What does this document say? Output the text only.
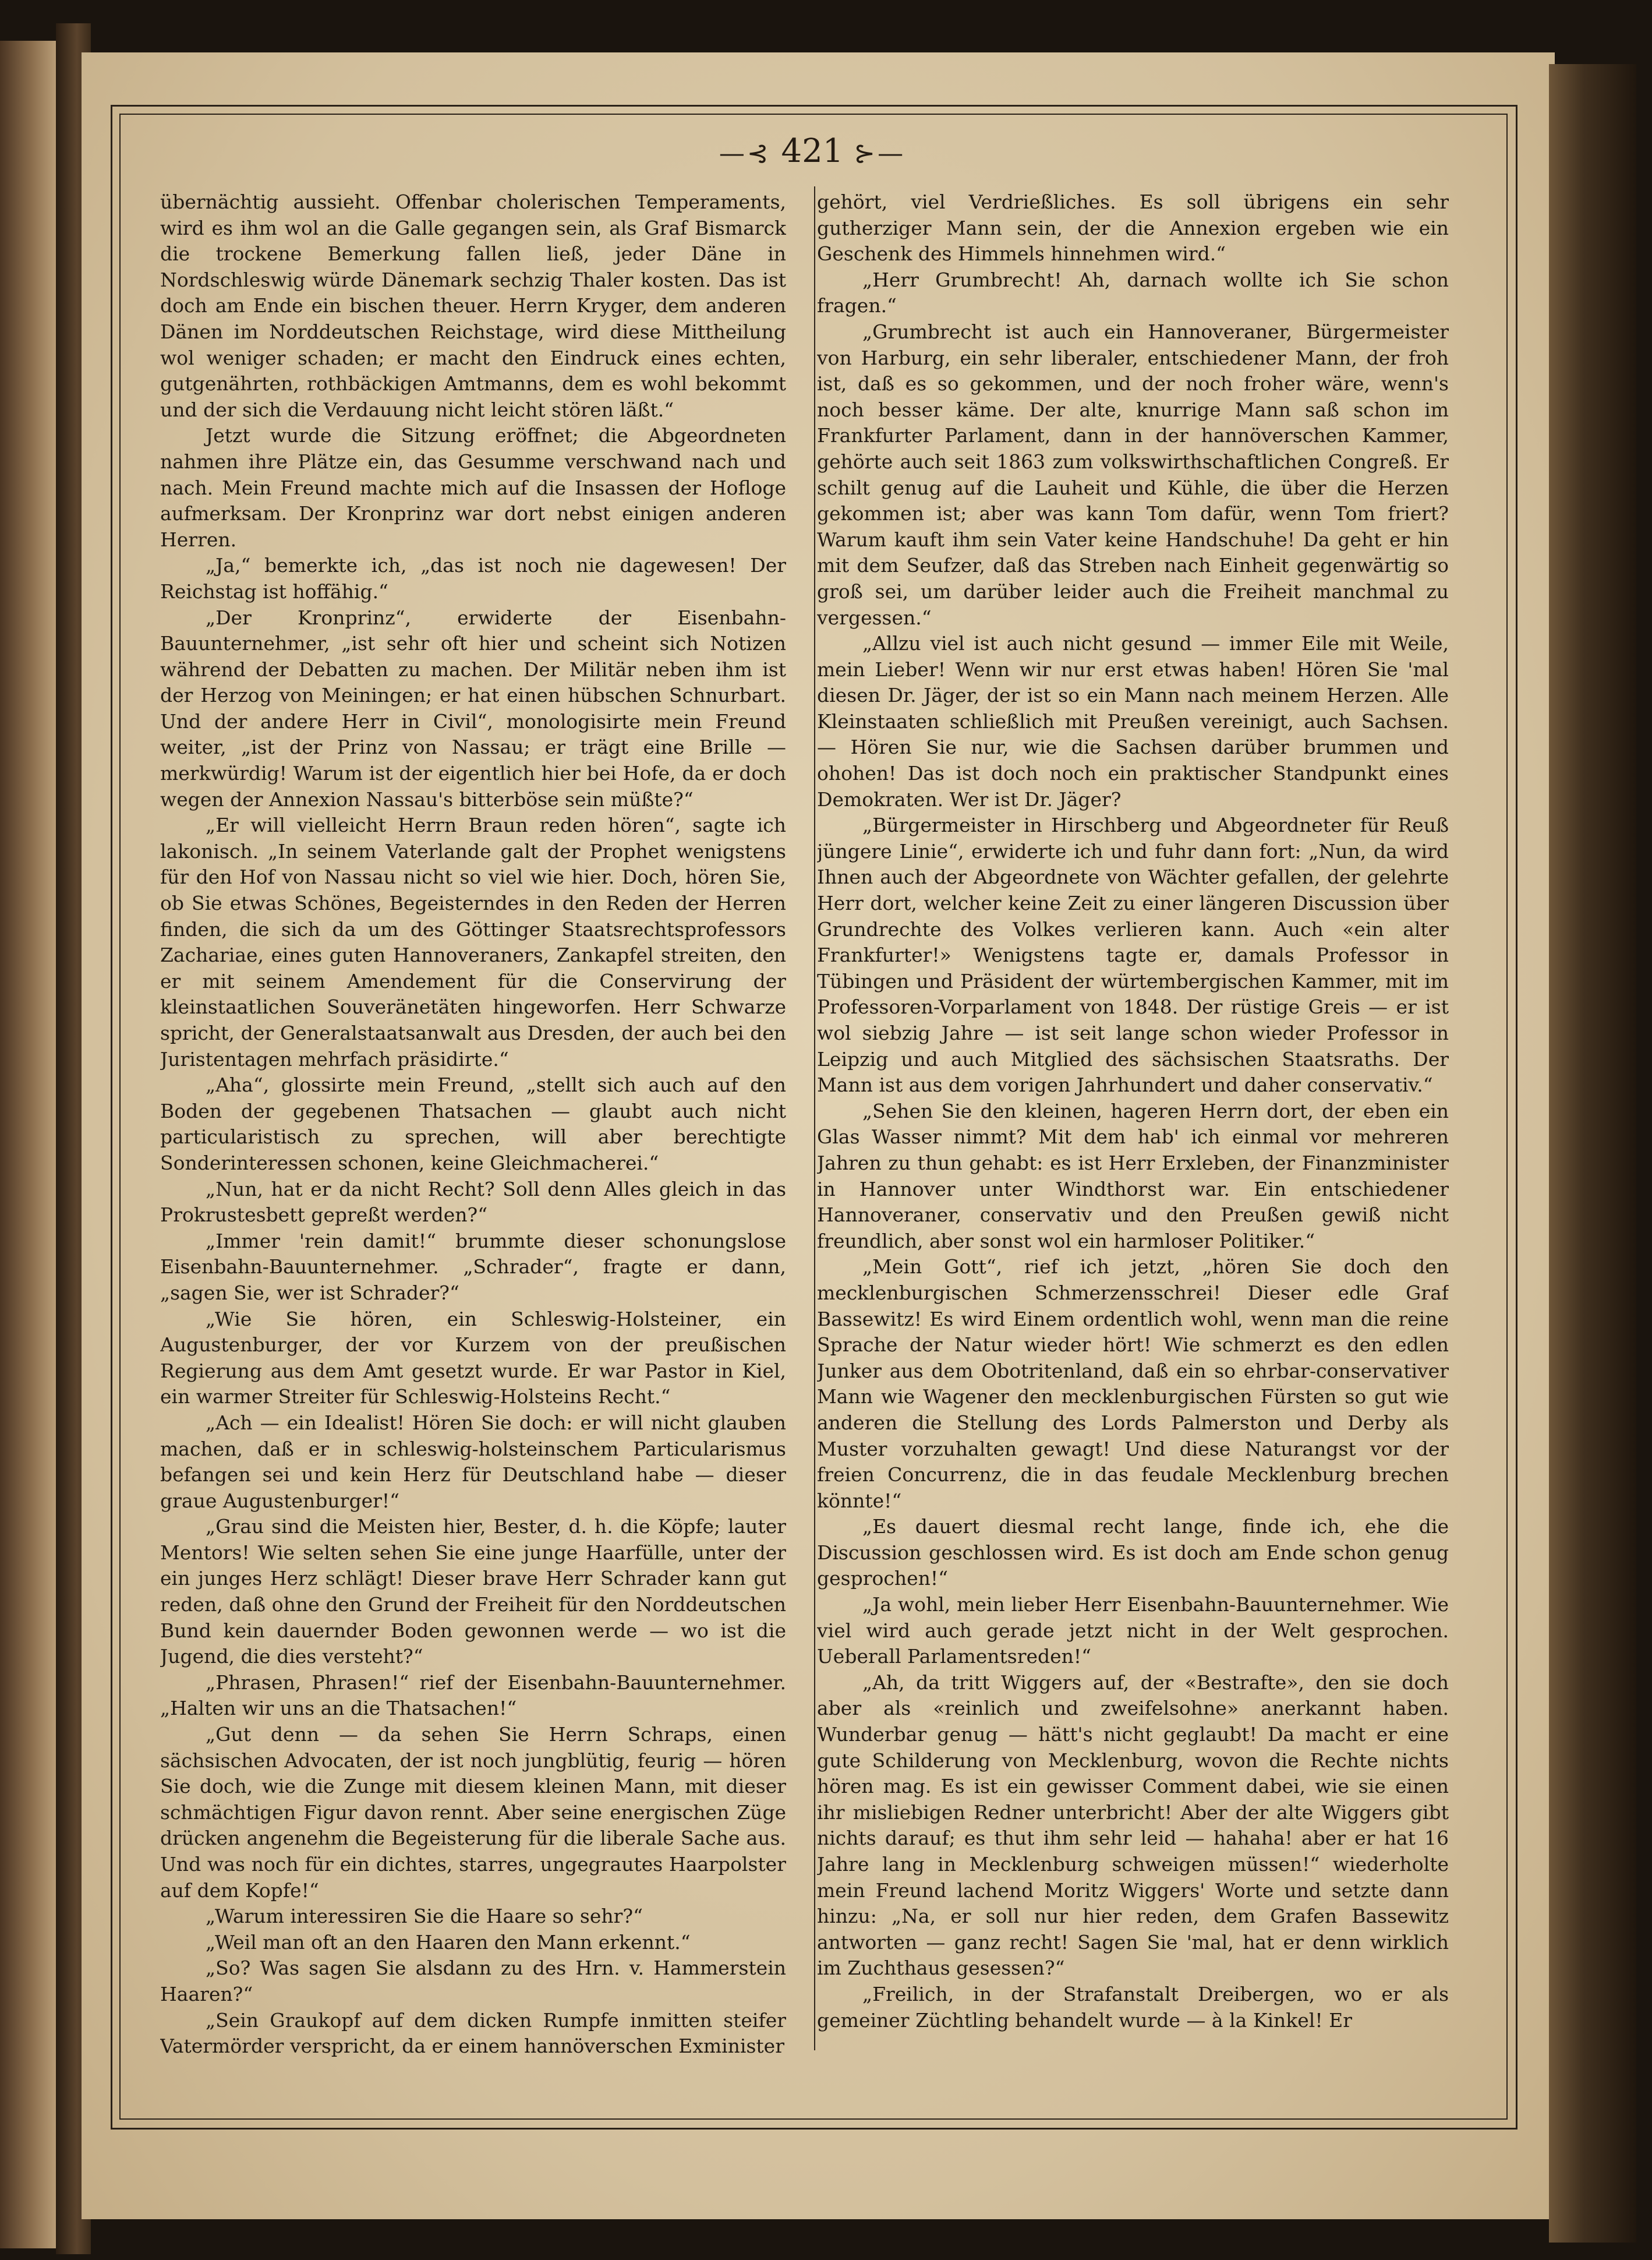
—⊰ 421 ⊱—

übernächtig aussieht. Offenbar cholerischen Temperaments, wird es ihm wol an die Galle gegangen sein, als Graf Bismarck die trockene Bemerkung fallen ließ, jeder Däne in Nordschleswig würde Dänemark sechzig Thaler kosten. Das ist doch am Ende ein bischen theuer. Herrn Kryger, dem anderen Dänen im Norddeutschen Reichstage, wird diese Mittheilung wol weniger schaden; er macht den Eindruck eines echten, gutgenährten, rothbäckigen Amtmanns, dem es wohl bekommt und der sich die Verdauung nicht leicht stören läßt.“

Jetzt wurde die Sitzung eröffnet; die Abgeordneten nahmen ihre Plätze ein, das Gesumme verschwand nach und nach. Mein Freund machte mich auf die Insassen der Hofloge aufmerksam. Der Kronprinz war dort nebst einigen anderen Herren.

„Ja,“ bemerkte ich, „das ist noch nie dagewesen! Der Reichstag ist hoffähig.“

„Der Kronprinz“, erwiderte der Eisenbahn-Bauunternehmer, „ist sehr oft hier und scheint sich Notizen während der Debatten zu machen. Der Militär neben ihm ist der Herzog von Meiningen; er hat einen hübschen Schnurbart. Und der andere Herr in Civil“, monologisirte mein Freund weiter, „ist der Prinz von Nassau; er trägt eine Brille — merkwürdig! Warum ist der eigentlich hier bei Hofe, da er doch wegen der Annexion Nassau's bitterböse sein müßte?“

„Er will vielleicht Herrn Braun reden hören“, sagte ich lakonisch. „In seinem Vaterlande galt der Prophet wenigstens für den Hof von Nassau nicht so viel wie hier. Doch, hören Sie, ob Sie etwas Schönes, Begeisterndes in den Reden der Herren finden, die sich da um des Göttinger Staatsrechtsprofessors Zachariae, eines guten Hannoveraners, Zankapfel streiten, den er mit seinem Amendement für die Conservirung der kleinstaatlichen Souveränetäten hingeworfen. Herr Schwarze spricht, der Generalstaatsanwalt aus Dresden, der auch bei den Juristentagen mehrfach präsidirte.“

„Aha“, glossirte mein Freund, „stellt sich auch auf den Boden der gegebenen Thatsachen — glaubt auch nicht particularistisch zu sprechen, will aber berechtigte Sonderinteressen schonen, keine Gleichmacherei.“

„Nun, hat er da nicht Recht? Soll denn Alles gleich in das Prokrustesbett gepreßt werden?“

„Immer 'rein damit!“ brummte dieser schonungslose Eisenbahn-Bauunternehmer. „Schrader“, fragte er dann, „sagen Sie, wer ist Schrader?“

„Wie Sie hören, ein Schleswig-Holsteiner, ein Augustenburger, der vor Kurzem von der preußischen Regierung aus dem Amt gesetzt wurde. Er war Pastor in Kiel, ein warmer Streiter für Schleswig-Holsteins Recht.“

„Ach — ein Idealist! Hören Sie doch: er will nicht glauben machen, daß er in schleswig-holsteinschem Particularismus befangen sei und kein Herz für Deutschland habe — dieser graue Augustenburger!“

„Grau sind die Meisten hier, Bester, d. h. die Köpfe; lauter Mentors! Wie selten sehen Sie eine junge Haarfülle, unter der ein junges Herz schlägt! Dieser brave Herr Schrader kann gut reden, daß ohne den Grund der Freiheit für den Norddeutschen Bund kein dauernder Boden gewonnen werde — wo ist die Jugend, die dies versteht?“

„Phrasen, Phrasen!“ rief der Eisenbahn-Bauunternehmer. „Halten wir uns an die Thatsachen!“

„Gut denn — da sehen Sie Herrn Schraps, einen sächsischen Advocaten, der ist noch jungblütig, feurig — hören Sie doch, wie die Zunge mit diesem kleinen Mann, mit dieser schmächtigen Figur davon rennt. Aber seine energischen Züge drücken angenehm die Begeisterung für die liberale Sache aus. Und was noch für ein dichtes, starres, ungegrautes Haarpolster auf dem Kopfe!“

„Warum interessiren Sie die Haare so sehr?“

„Weil man oft an den Haaren den Mann erkennt.“

„So? Was sagen Sie alsdann zu des Hrn. v. Hammerstein Haaren?“

„Sein Graukopf auf dem dicken Rumpfe inmitten steifer Vatermörder verspricht, da er einem hannöverschen Exminister

gehört, viel Verdrießliches. Es soll übrigens ein sehr gutherziger Mann sein, der die Annexion ergeben wie ein Geschenk des Himmels hinnehmen wird.“

„Herr Grumbrecht! Ah, darnach wollte ich Sie schon fragen.“

„Grumbrecht ist auch ein Hannoveraner, Bürgermeister von Harburg, ein sehr liberaler, entschiedener Mann, der froh ist, daß es so gekommen, und der noch froher wäre, wenn's noch besser käme. Der alte, knurrige Mann saß schon im Frankfurter Parlament, dann in der hannöverschen Kammer, gehörte auch seit 1863 zum volkswirthschaftlichen Congreß. Er schilt genug auf die Lauheit und Kühle, die über die Herzen gekommen ist; aber was kann Tom dafür, wenn Tom friert? Warum kauft ihm sein Vater keine Handschuhe! Da geht er hin mit dem Seufzer, daß das Streben nach Einheit gegenwärtig so groß sei, um darüber leider auch die Freiheit manchmal zu vergessen.“

„Allzu viel ist auch nicht gesund — immer Eile mit Weile, mein Lieber! Wenn wir nur erst etwas haben! Hören Sie 'mal diesen Dr. Jäger, der ist so ein Mann nach meinem Herzen. Alle Kleinstaaten schließlich mit Preußen vereinigt, auch Sachsen. — Hören Sie nur, wie die Sachsen darüber brummen und ohohen! Das ist doch noch ein praktischer Standpunkt eines Demokraten. Wer ist Dr. Jäger?

„Bürgermeister in Hirschberg und Abgeordneter für Reuß jüngere Linie“, erwiderte ich und fuhr dann fort: „Nun, da wird Ihnen auch der Abgeordnete von Wächter gefallen, der gelehrte Herr dort, welcher keine Zeit zu einer längeren Discussion über Grundrechte des Volkes verlieren kann. Auch «ein alter Frankfurter!» Wenigstens tagte er, damals Professor in Tübingen und Präsident der würtembergischen Kammer, mit im Professoren-Vorparlament von 1848. Der rüstige Greis — er ist wol siebzig Jahre — ist seit lange schon wieder Professor in Leipzig und auch Mitglied des sächsischen Staatsraths. Der Mann ist aus dem vorigen Jahrhundert und daher conservativ.“

„Sehen Sie den kleinen, hageren Herrn dort, der eben ein Glas Wasser nimmt? Mit dem hab' ich einmal vor mehreren Jahren zu thun gehabt: es ist Herr Erxleben, der Finanzminister in Hannover unter Windthorst war. Ein entschiedener Hannoveraner, conservativ und den Preußen gewiß nicht freundlich, aber sonst wol ein harmloser Politiker.“

„Mein Gott“, rief ich jetzt, „hören Sie doch den mecklenburgischen Schmerzensschrei! Dieser edle Graf Bassewitz! Es wird Einem ordentlich wohl, wenn man die reine Sprache der Natur wieder hört! Wie schmerzt es den edlen Junker aus dem Obotritenland, daß ein so ehrbar-conservativer Mann wie Wagener den mecklenburgischen Fürsten so gut wie anderen die Stellung des Lords Palmerston und Derby als Muster vorzuhalten gewagt! Und diese Naturangst vor der freien Concurrenz, die in das feudale Mecklenburg brechen könnte!“

„Es dauert diesmal recht lange, finde ich, ehe die Discussion geschlossen wird. Es ist doch am Ende schon genug gesprochen!“

„Ja wohl, mein lieber Herr Eisenbahn-Bauunternehmer. Wie viel wird auch gerade jetzt nicht in der Welt gesprochen. Ueberall Parlamentsreden!“

„Ah, da tritt Wiggers auf, der «Bestrafte», den sie doch aber als «reinlich und zweifelsohne» anerkannt haben. Wunderbar genug — hätt's nicht geglaubt! Da macht er eine gute Schilderung von Mecklenburg, wovon die Rechte nichts hören mag. Es ist ein gewisser Comment dabei, wie sie einen ihr misliebigen Redner unterbricht! Aber der alte Wiggers gibt nichts darauf; es thut ihm sehr leid — hahaha! aber er hat 16 Jahre lang in Mecklenburg schweigen müssen!“ wiederholte mein Freund lachend Moritz Wiggers' Worte und setzte dann hinzu: „Na, er soll nur hier reden, dem Grafen Bassewitz antworten — ganz recht! Sagen Sie 'mal, hat er denn wirklich im Zuchthaus gesessen?“

„Freilich, in der Strafanstalt Dreibergen, wo er als gemeiner Züchtling behandelt wurde — à la Kinkel! Er
